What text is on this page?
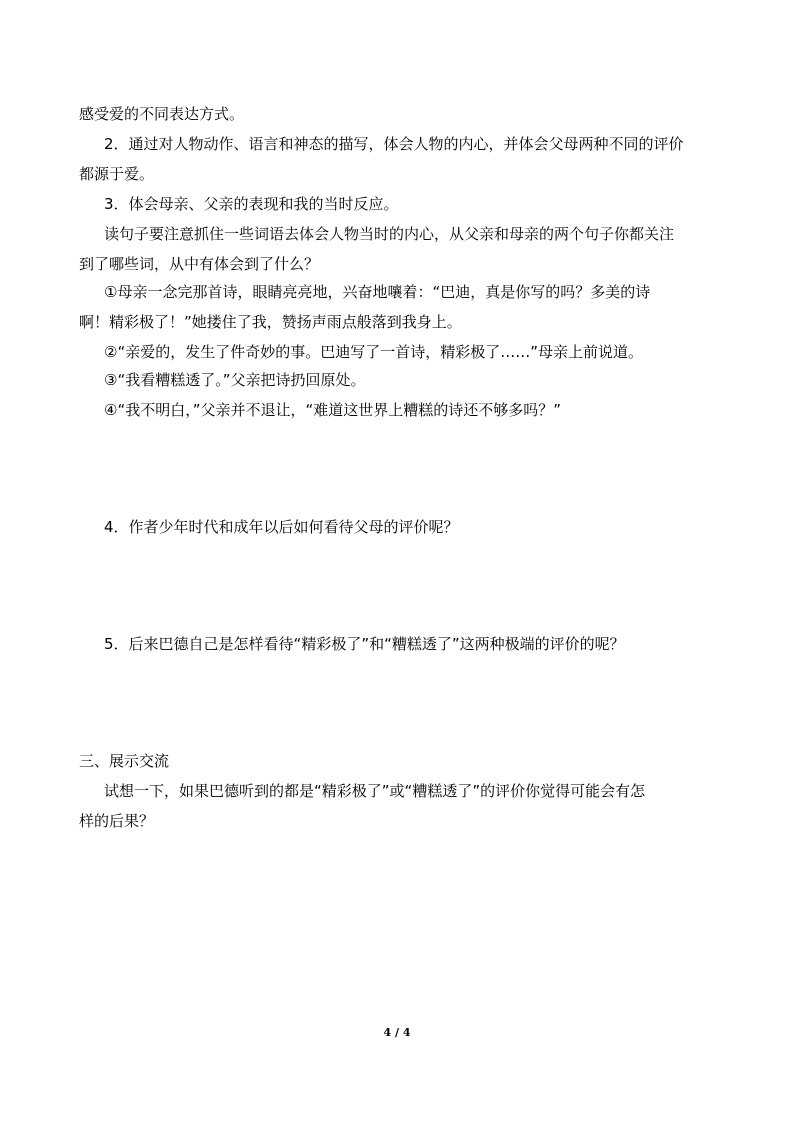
感受爱的不同表达方式。
2．通过对人物动作、语言和神态的描写，体会人物的内心，并体会父母两种不同的评价
都源于爱。
3．体会母亲、父亲的表现和我的当时反应。
读句子要注意抓住一些词语去体会人物当时的内心，从父亲和母亲的两个句子你都关注
到了哪些词，从中有体会到了什么？
①母亲一念完那首诗，眼睛亮亮地，兴奋地嚷着：“巴迪，真是你写的吗？多美的诗
啊！精彩极了！”她搂住了我，赞扬声雨点般落到我身上。
②“亲爱的，发生了件奇妙的事。巴迪写了一首诗，精彩极了……”母亲上前说道。
③“我看糟糕透了。”父亲把诗扔回原处。
④“我不明白，”父亲并不退让，“难道这世界上糟糕的诗还不够多吗？”
4．作者少年时代和成年以后如何看待父母的评价呢？
5．后来巴德自己是怎样看待“精彩极了”和“糟糕透了”这两种极端的评价的呢？
三、展示交流
试想一下，如果巴德听到的都是“精彩极了”或“糟糕透了”的评价你觉得可能会有怎
样的后果？
4 / 4
